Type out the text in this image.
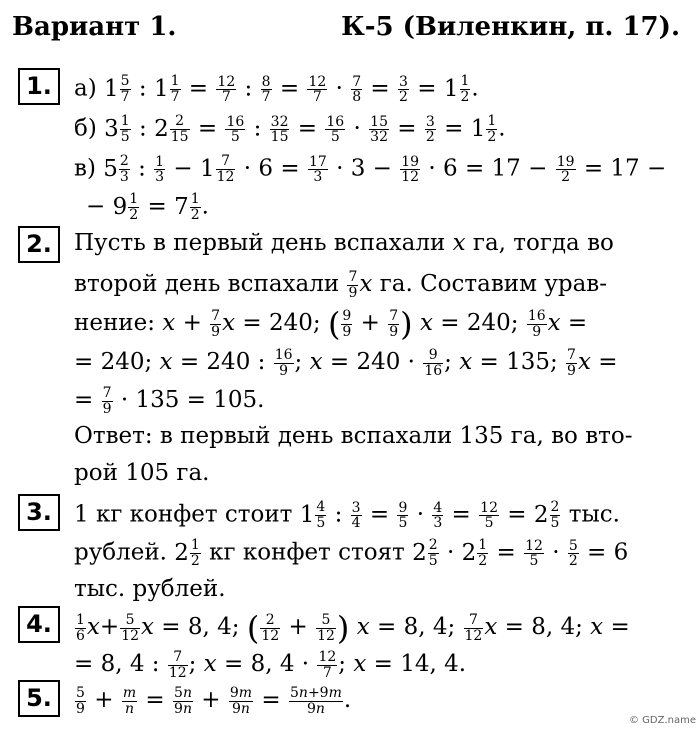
Вариант 1.	К-5 (Виленкин, п. 17).
1. а) $1 \frac{5}{7}$ : $1 \frac{1}{7} = \frac{12}{7}$ : $\frac{8}{7} = \frac{12}{7} \cdot \frac{7}{8} = \frac{3}{2} = 1 \frac{1}{2}$ .
б) $3 \frac{1}{5}$ : $2 \frac{2}{15} = \frac{16}{5}$ : $\frac{32}{15} = \frac{16}{5} \cdot \frac{15}{32} = \frac{3}{2} = 1 \frac{1}{2}$ .
в) $5 \frac{2}{3}$ : $\frac{1}{3} - 1 \frac{7}{12} \cdot 6 = \frac{17}{3} \cdot 3 - \frac{19}{12} \cdot 6 = 17 - \frac{19}{2} = 17$ −
− $9 \frac{1}{2} = 7 \frac{1}{2}$ .
2. Пусть в первый день вспахали x га, тогда во
второй день вспахали $\frac{7}{9}$ x га. Составим урав-
нение: $x + \frac{7}{9}$ x = 240; ( $\frac{9}{9} + \frac{7}{9}$ ) x = 240; $\frac{16}{9}$ x =
= 240; x = 240 : $\frac{16}{9}$ ; $x = 240 \cdot \frac{9}{16}$ ; x = 135; $\frac{7}{9}$ x =
= $\frac{7}{9} \cdot 135 = 105$.
Ответ: в первый день вспахали 135 га, во вто-
рой 105 га.
3. 1 кг конфет стоит $1 \frac{4}{5}$ : $\frac{3}{4} = \frac{9}{5} \cdot \frac{4}{3} = \frac{12}{5} = 2 \frac{2}{5}$ тыс.
рублей. $2 \frac{1}{2}$ кг конфет стоят $2 \frac{2}{5} \cdot 2 \frac{1}{2} = \frac{12}{5} \cdot \frac{5}{2} = 6$
тыс. рублей.
4.	$\frac{1}{6} x+ \frac{5}{12}$ x = 8, 4; ( $\frac{2}{12} + \frac{5}{12}$ ) x = 8, 4; $\frac{7}{12}$ x = 8, 4; x =
= 8, 4 : $\frac{7}{12}$ ; x = 8, $4 \cdot \frac{12}{7}$ ; x = 14, 4.
5.	$\frac{5}{9} + \frac{m}{n} = \frac{5n}{9n} + \frac{9m}{9n} = \frac{5n+9m}{9n}$ .
© GDZ.name
